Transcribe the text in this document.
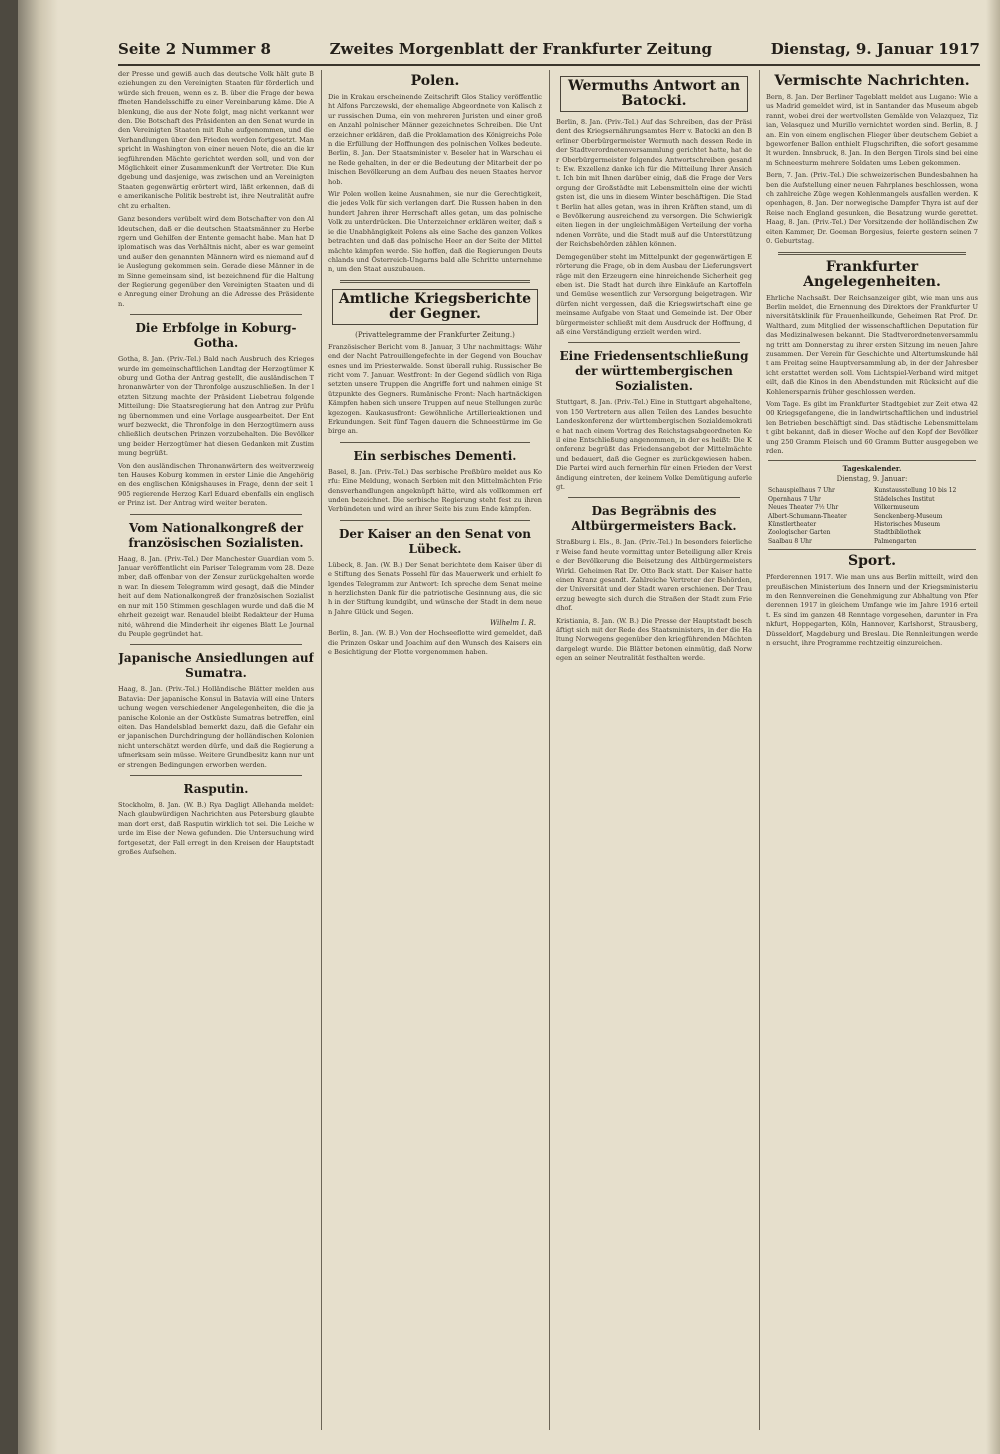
Seite 2 Nummer 8	Zweites Morgenblatt der Frankfurter Zeitung	Dienstag, 9. Januar 1917

der Presse und gewiß auch das deutsche Volk hält gute Beziehungen zu den Vereinigten Staaten für förderlich und würde sich freuen, wenn es z. B. über die Frage der bewaffneten Handelsschiffe zu einer Vereinbarung käme. Die Ablenkung, die aus der Note folgt, mag nicht verkannt werden. Die Botschaft des Präsidenten an den Senat wurde in den Vereinigten Staaten mit Ruhe aufgenommen, und die Verhandlungen über den Frieden werden fortgesetzt. Man spricht in Washington von einer neuen Note, die an die kriegführenden Mächte gerichtet werden soll, und von der Möglichkeit einer Zusammenkunft der Vertreter. Die Kundgebung und dasjenige, was zwischen und an Vereinigten Staaten gegenwärtig erörtert wird, läßt erkennen, daß die amerikanische Politik bestrebt ist, ihre Neutralität aufrecht zu erhalten.

Ganz besonders verübelt wird dem Botschafter von den Alldeutschen, daß er die deutschen Staatsmänner zu Herbergern und Gehilfen der Entente gemacht habe. Man hat Diplomatisch was das Verhältnis nicht, aber es war gemeint und außer den genannten Männern wird es niemand auf die Auslegung gekommen sein. Gerade diese Männer in dem Sinne gemeinsam sind, ist bezeichnend für die Haltung der Regierung gegenüber den Vereinigten Staaten und die Anregung einer Drohung an die Adresse des Präsidenten.

Die Erbfolge in Koburg-Gotha.

Gotha, 8. Jan. (Priv.-Tel.) Bald nach Ausbruch des Krieges wurde im gemeinschaftlichen Landtag der Herzogtümer Koburg und Gotha der Antrag gestellt, die ausländischen Thronanwärter von der Thronfolge auszuschließen. In der letzten Sitzung machte der Präsident Liebetrau folgende Mitteilung: Die Staatsregierung hat den Antrag zur Prüfung übernommen und eine Vorlage ausgearbeitet. Der Entwurf bezweckt, die Thronfolge in den Herzogtümern ausschließlich deutschen Prinzen vorzubehalten. Die Bevölkerung beider Herzogtümer hat diesen Gedanken mit Zustimmung begrüßt.

Von den ausländischen Thronanwärtern des weitverzweigten Hauses Koburg kommen in erster Linie die Angehörigen des englischen Königshauses in Frage, denn der seit 1905 regierende Herzog Karl Eduard ebenfalls ein englischer Prinz ist. Der Antrag wird weiter beraten.

Vom Nationalkongreß der französischen Sozialisten.

Haag, 8. Jan. (Priv.-Tel.) Der Manchester Guardian vom 5. Januar veröffentlicht ein Pariser Telegramm vom 28. Dezember, daß offenbar von der Zensur zurückgehalten worden war. In diesem Telegramm wird gesagt, daß die Minderheit auf dem Nationalkongreß der französischen Sozialisten nur mit 150 Stimmen geschlagen wurde und daß die Mehrheit gezeigt war. Renaudel bleibt Redakteur der Humanité, während die Minderheit ihr eigenes Blatt Le Journal du Peuple gegründet hat.

Japanische Ansiedlungen auf Sumatra.

Haag, 8. Jan. (Priv.-Tel.) Holländische Blätter melden aus Batavia: Der japanische Konsul in Batavia will eine Untersuchung wegen verschiedener Angelegenheiten, die die japanische Kolonie an der Ostküste Sumatras betreffen, einleiten. Das Handelsblad bemerkt dazu, daß die Gefahr einer japanischen Durchdringung der holländischen Kolonien nicht unterschätzt werden dürfe, und daß die Regierung aufmerksam sein müsse. Weitere Grundbesitz kann nur unter strengen Bedingungen erworben werden.

Rasputin.

Stockholm, 8. Jan. (W. B.) Rya Dagligt Allehanda meldet: Nach glaubwürdigen Nachrichten aus Petersburg glaubte man dort erst, daß Rasputin wirklich tot sei. Die Leiche wurde im Eise der Newa gefunden. Die Untersuchung wird fortgesetzt, der Fall erregt in den Kreisen der Hauptstadt großes Aufsehen.

Polen.

Die in Krakau erscheinende Zeitschrift Glos Stalicy veröffentlicht Alfons Parczewski, der ehemalige Abgeordnete von Kalisch zur russischen Duma, ein von mehreren Juristen und einer großen Anzahl polnischer Männer gezeichnetes Schreiben. Die Unterzeichner erklären, daß die Proklamation des Königreichs Polen die Erfüllung der Hoffnungen des polnischen Volkes bedeute. Berlin, 8. Jan. Der Staatsminister v. Beseler hat in Warschau eine Rede gehalten, in der er die Bedeutung der Mitarbeit der polnischen Bevölkerung an dem Aufbau des neuen Staates hervorhob.

Wir Polen wollen keine Ausnahmen, sie nur die Gerechtigkeit, die jedes Volk für sich verlangen darf. Die Russen haben in den hundert Jahren ihrer Herrschaft alles getan, um das polnische Volk zu unterdrücken. Die Unterzeichner erklären weiter, daß sie die Unabhängigkeit Polens als eine Sache des ganzen Volkes betrachten und daß das polnische Heer an der Seite der Mittelmächte kämpfen werde. Sie hoffen, daß die Regierungen Deutschlands und Österreich-Ungarns bald alle Schritte unternehmen, um den Staat auszubauen.

Amtliche Kriegsberichte der Gegner.
(Privattelegramme der Frankfurter Zeitung.)

Französischer Bericht vom 8. Januar, 3 Uhr nachmittags: Während der Nacht Patrouillengefechte in der Gegend von Bouchavesnes und im Priesterwalde. Sonst überall ruhig. Russischer Bericht vom 7. Januar. Westfront: In der Gegend südlich von Riga setzten unsere Truppen die Angriffe fort und nahmen einige Stützpunkte des Gegners. Rumänische Front: Nach hartnäckigen Kämpfen haben sich unsere Truppen auf neue Stellungen zurückgezogen. Kaukasusfront: Gewöhnliche Artillerieaktionen und Erkundungen. Seit fünf Tagen dauern die Schneestürme im Gebirge an.

Ein serbisches Dementi.

Basel, 8. Jan. (Priv.-Tel.) Das serbische Preßbüro meldet aus Korfu: Eine Meldung, wonach Serbien mit den Mittelmächten Friedensverhandlungen angeknüpft hätte, wird als vollkommen erfunden bezeichnet. Die serbische Regierung steht fest zu ihren Verbündeten und wird an ihrer Seite bis zum Ende kämpfen.

Der Kaiser an den Senat von Lübeck.

Lübeck, 8. Jan. (W. B.) Der Senat berichtete dem Kaiser über die Stiftung des Senats Possehl für das Mauerwerk und erhielt folgendes Telegramm zur Antwort: Ich spreche dem Senat meinen herzlichsten Dank für die patriotische Gesinnung aus, die sich in der Stiftung kundgibt, und wünsche der Stadt in dem neuen Jahre Glück und Segen.

Wilhelm I. R.

Berlin, 8. Jan. (W. B.) Von der Hochseeflotte wird gemeldet, daß die Prinzen Oskar und Joachim auf den Wunsch des Kaisers eine Besichtigung der Flotte vorgenommen haben.

Wermuths Antwort an Batocki.

Berlin, 8. Jan. (Priv.-Tel.) Auf das Schreiben, das der Präsident des Kriegsernährungsamtes Herr v. Batocki an den Berliner Oberbürgermeister Wermuth nach dessen Rede in der Stadtverordnetenversammlung gerichtet hatte, hat der Oberbürgermeister folgendes Antwortschreiben gesandt: Ew. Exzellenz danke ich für die Mitteilung Ihrer Ansicht. Ich bin mit Ihnen darüber einig, daß die Frage der Versorgung der Großstädte mit Lebensmitteln eine der wichtigsten ist, die uns in diesem Winter beschäftigen. Die Stadt Berlin hat alles getan, was in ihren Kräften stand, um die Bevölkerung ausreichend zu versorgen. Die Schwierigkeiten liegen in der ungleichmäßigen Verteilung der vorhandenen Vorräte, und die Stadt muß auf die Unterstützung der Reichsbehörden zählen können.

Demgegenüber steht im Mittelpunkt der gegenwärtigen Erörterung die Frage, ob in dem Ausbau der Lieferungsverträge mit den Erzeugern eine hinreichende Sicherheit gegeben ist. Die Stadt hat durch ihre Einkäufe an Kartoffeln und Gemüse wesentlich zur Versorgung beigetragen. Wir dürfen nicht vergessen, daß die Kriegswirtschaft eine gemeinsame Aufgabe von Staat und Gemeinde ist. Der Oberbürgermeister schließt mit dem Ausdruck der Hoffnung, daß eine Verständigung erzielt werden wird.

Eine Friedensentschließung der württembergischen Sozialisten.

Stuttgart, 8. Jan. (Priv.-Tel.) Eine in Stuttgart abgehaltene, von 150 Vertretern aus allen Teilen des Landes besuchte Landeskonferenz der württembergischen Sozialdemokratie hat nach einem Vortrag des Reichstagsabgeordneten Keil eine Entschließung angenommen, in der es heißt: Die Konferenz begrüßt das Friedensangebot der Mittelmächte und bedauert, daß die Gegner es zurückgewiesen haben. Die Partei wird auch fernerhin für einen Frieden der Verständigung eintreten, der keinem Volke Demütigung auferlegt.

Das Begräbnis des Altbürgermeisters Back.

Straßburg i. Els., 8. Jan. (Priv.-Tel.) In besonders feierlicher Weise fand heute vormittag unter Beteiligung aller Kreise der Bevölkerung die Beisetzung des Altbürgermeisters Wirkl. Geheimen Rat Dr. Otto Back statt. Der Kaiser hatte einen Kranz gesandt. Zahlreiche Vertreter der Behörden, der Universität und der Stadt waren erschienen. Der Trauerzug bewegte sich durch die Straßen der Stadt zum Friedhof.

Kristiania, 8. Jan. (W. B.) Die Presse der Hauptstadt beschäftigt sich mit der Rede des Staatsministers, in der die Haltung Norwegens gegenüber den kriegführenden Mächten dargelegt wurde. Die Blätter betonen einmütig, daß Norwegen an seiner Neutralität festhalten werde.

Vermischte Nachrichten.

Bern, 8. Jan. Der Berliner Tageblatt meldet aus Lugano: Wie aus Madrid gemeldet wird, ist in Santander das Museum abgebrannt, wobei drei der wertvollsten Gemälde von Velazquez, Tizian, Velasquez und Murillo vernichtet worden sind. Berlin, 8. Jan. Ein von einem englischen Flieger über deutschem Gebiet abgeworfener Ballon enthielt Flugschriften, die sofort gesammelt wurden. Innsbruck, 8. Jan. In den Bergen Tirols sind bei einem Schneesturm mehrere Soldaten ums Leben gekommen.

Bern, 7. Jan. (Priv.-Tel.) Die schweizerischen Bundesbahnen haben die Aufstellung einer neuen Fahrplanes beschlossen, wonach zahlreiche Züge wegen Kohlenmangels ausfallen werden. Kopenhagen, 8. Jan. Der norwegische Dampfer Thyra ist auf der Reise nach England gesunken, die Besatzung wurde gerettet. Haag, 8. Jan. (Priv.-Tel.) Der Vorsitzende der holländischen Zweiten Kammer, Dr. Goeman Borgesius, feierte gestern seinen 70. Geburtstag.

Frankfurter Angelegenheiten.

Ehrliche Nachsaßt. Der Reichsanzeiger gibt, wie man uns aus Berlin meldet, die Ernennung des Direktors der Frankfurter Universitätsklinik für Frauenheilkunde, Geheimen Rat Prof. Dr. Walthard, zum Mitglied der wissenschaftlichen Deputation für das Medizinalwesen bekannt. Die Stadtverordnetenversammlung tritt am Donnerstag zu ihrer ersten Sitzung im neuen Jahre zusammen. Der Verein für Geschichte und Altertumskunde hält am Freitag seine Hauptversammlung ab, in der der Jahresbericht erstattet werden soll. Vom Lichtspiel-Verband wird mitgeteilt, daß die Kinos in den Abendstunden mit Rücksicht auf die Kohlenersparnis früher geschlossen werden.

Vom Tage. Es gibt im Frankfurter Stadtgebiet zur Zeit etwa 4200 Kriegsgefangene, die in landwirtschaftlichen und industriellen Betrieben beschäftigt sind. Das städtische Lebensmittelamt gibt bekannt, daß in dieser Woche auf den Kopf der Bevölkerung 250 Gramm Fleisch und 60 Gramm Butter ausgegeben werden.

Tageskalender.
Dienstag, 9. Januar:
Schauspielhaus 7 Uhr
Opernhaus 7 Uhr
Neues Theater 7½ Uhr
Albert-Schumann-Theater
Künstlertheater
Zoologischer Garten
Saalbau 8 Uhr
Kunstausstellung 10 bis 12
Städelsches Institut
Völkermuseum
Senckenberg-Museum
Historisches Museum
Stadtbibliothek
Palmengarten
Sport.

Pferderennen 1917. Wie man uns aus Berlin mitteilt, wird den preußischen Ministerium des Innern und der Kriegsministerium den Rennvereinen die Genehmigung zur Abhaltung von Pferderennen 1917 in gleichem Umfange wie im Jahre 1916 erteilt. Es sind im ganzen 48 Renntage vorgesehen, darunter in Frankfurt, Hoppegarten, Köln, Hannover, Karlshorst, Strausberg, Düsseldorf, Magdeburg und Breslau. Die Rennleitungen werden ersucht, ihre Programme rechtzeitig einzureichen.
